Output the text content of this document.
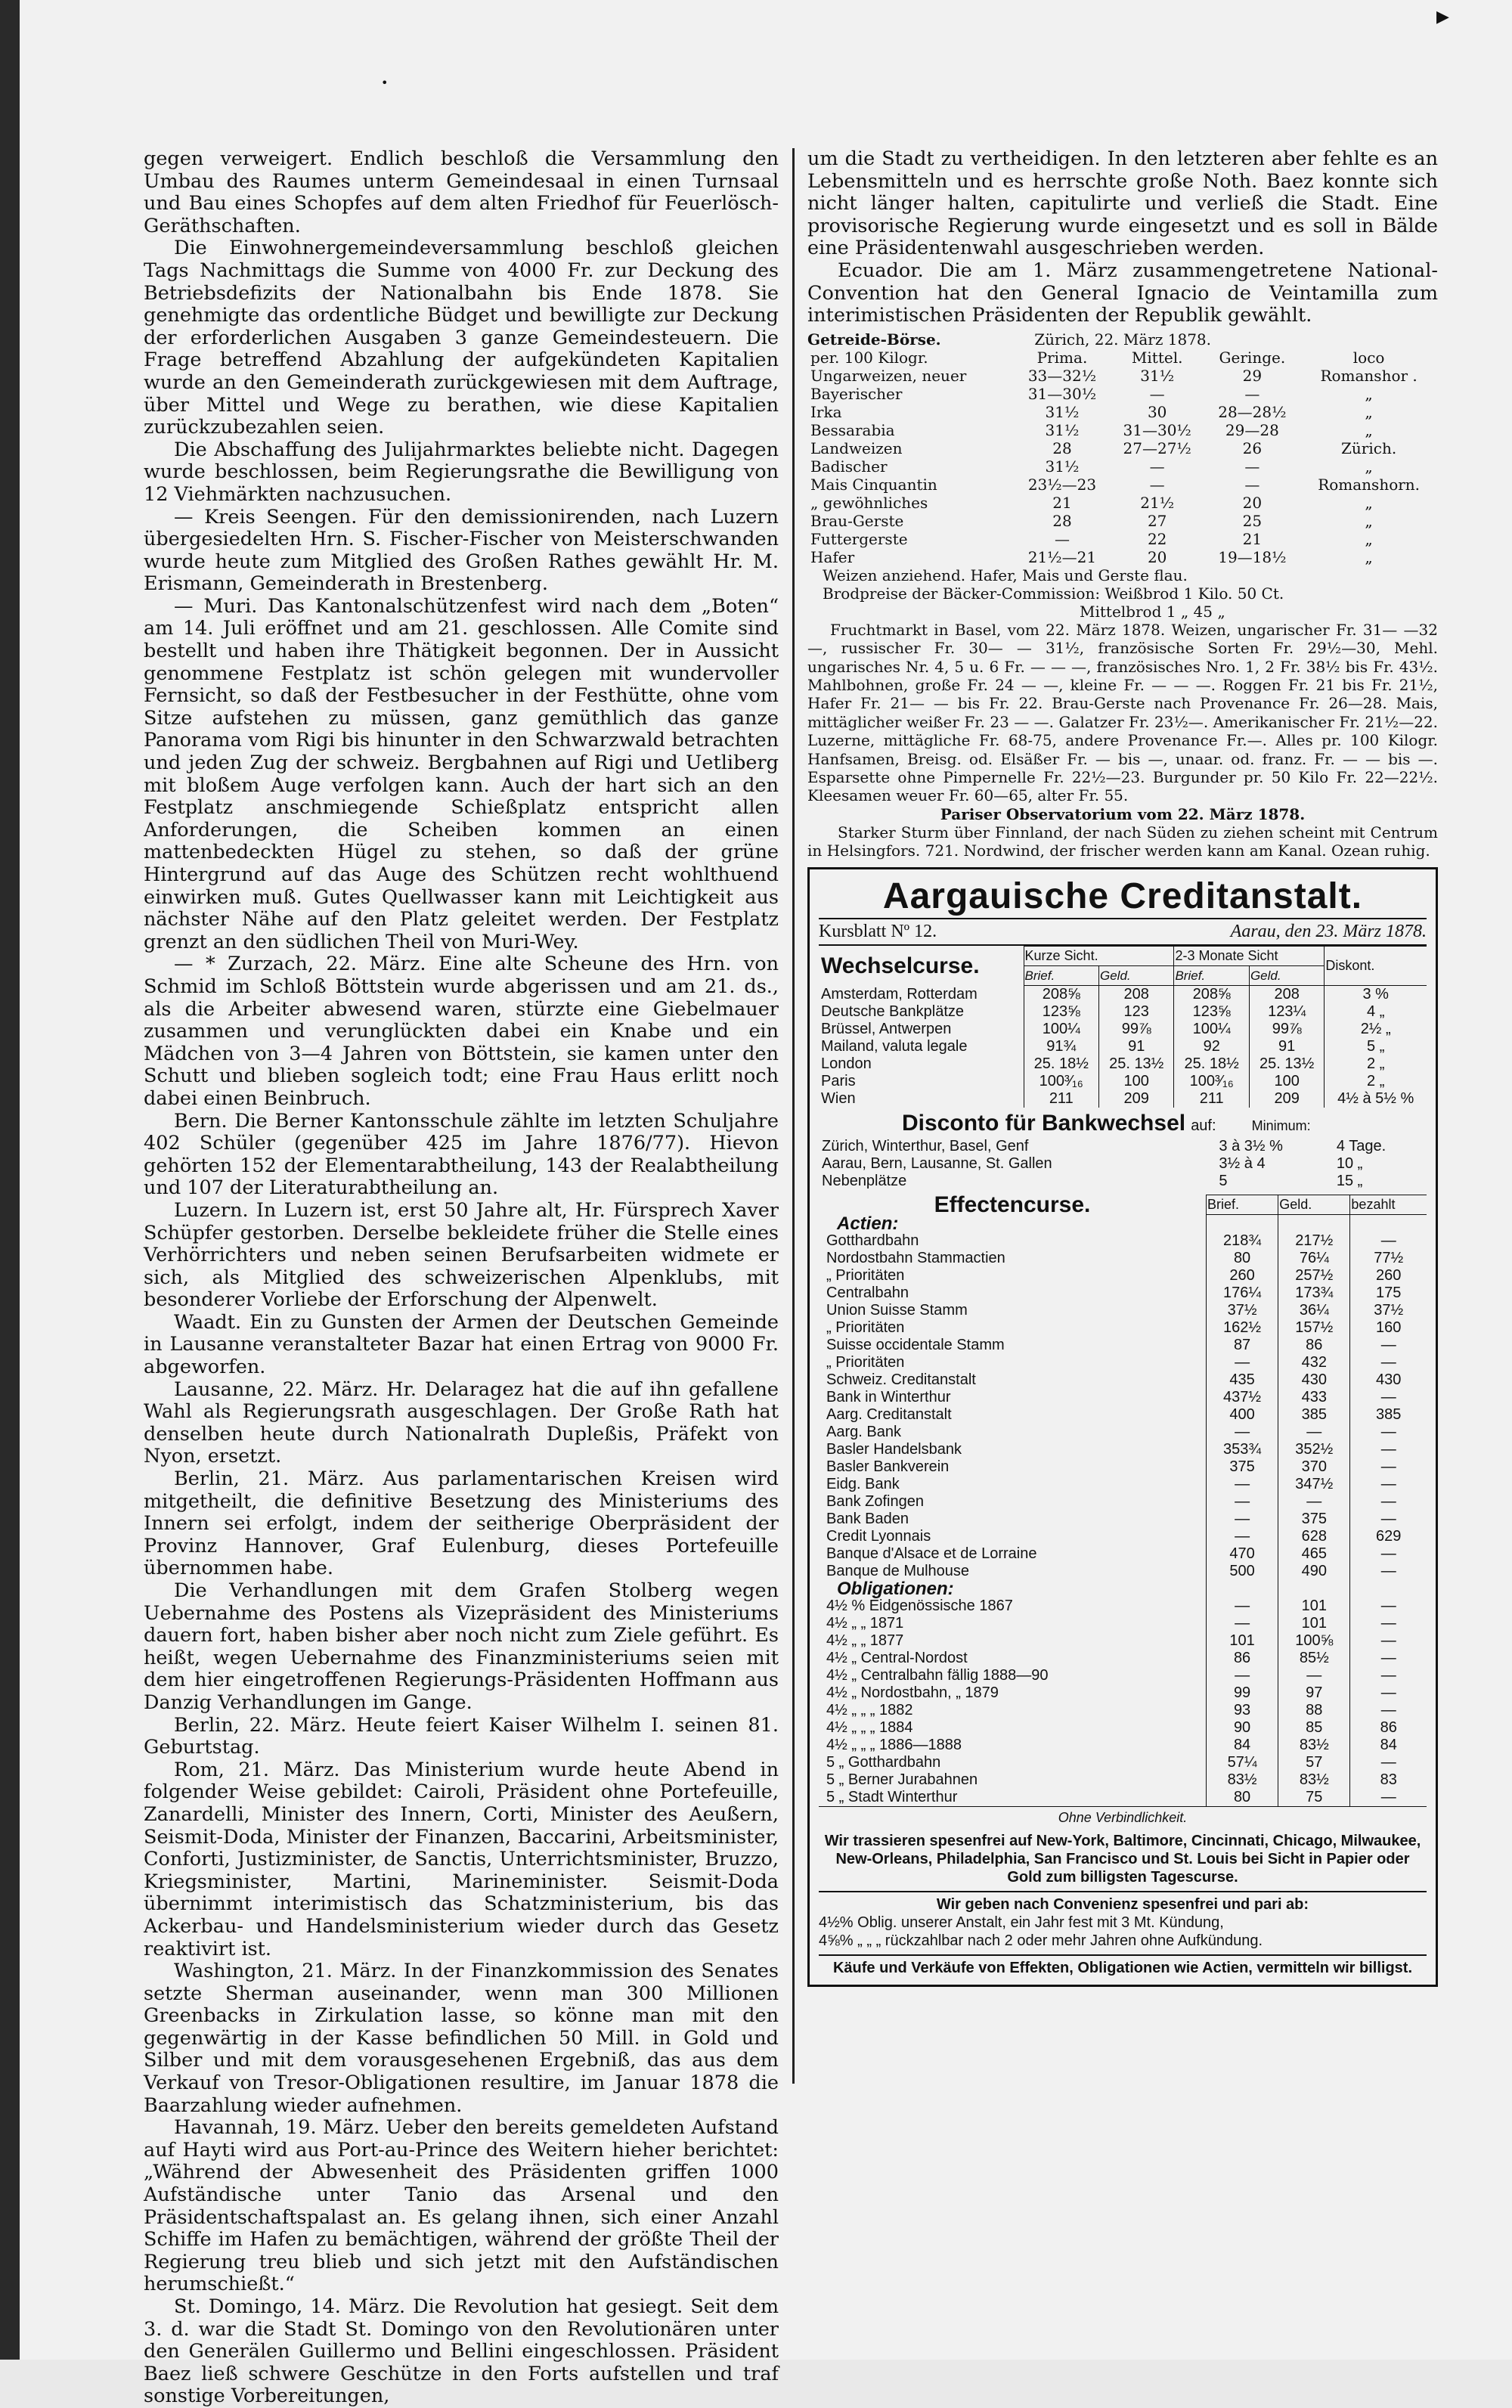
▶
•

gegen verweigert. Endlich beschloß die Versammlung den Umbau des Raumes unterm Gemeindesaal in einen Turnsaal und Bau eines Schopfes auf dem alten Friedhof für Feuerlösch-Geräthschaften.

Die Einwohnergemeindeversammlung beschloß gleichen Tags Nachmittags die Summe von 4000 Fr. zur Deckung des Betriebsdefizits der Nationalbahn bis Ende 1878. Sie genehmigte das ordentliche Büdget und bewilligte zur Deckung der erforderlichen Ausgaben 3 ganze Gemeindesteuern. Die Frage betreffend Abzahlung der aufgekündeten Kapitalien wurde an den Gemeinderath zurückgewiesen mit dem Auftrage, über Mittel und Wege zu berathen, wie diese Kapitalien zurückzubezahlen seien.

Die Abschaffung des Julijahrmarktes beliebte nicht. Dagegen wurde beschlossen, beim Regierungsrathe die Bewilligung von 12 Viehmärkten nachzusuchen.

— Kreis Seengen. Für den demissionirenden, nach Luzern übergesiedelten Hrn. S. Fischer-Fischer von Meisterschwanden wurde heute zum Mitglied des Großen Rathes gewählt Hr. M. Erismann, Gemeinderath in Brestenberg.

— Muri. Das Kantonalschützenfest wird nach dem „Boten“ am 14. Juli eröffnet und am 21. geschlossen. Alle Comite sind bestellt und haben ihre Thätigkeit begonnen. Der in Aussicht genommene Festplatz ist schön gelegen mit wundervoller Fernsicht, so daß der Festbesucher in der Festhütte, ohne vom Sitze aufstehen zu müssen, ganz gemüthlich das ganze Panorama vom Rigi bis hinunter in den Schwarzwald betrachten und jeden Zug der schweiz. Bergbahnen auf Rigi und Uetliberg mit bloßem Auge verfolgen kann. Auch der hart sich an den Festplatz anschmiegende Schießplatz entspricht allen Anforderungen, die Scheiben kommen an einen mattenbedeckten Hügel zu stehen, so daß der grüne Hintergrund auf das Auge des Schützen recht wohlthuend einwirken muß. Gutes Quellwasser kann mit Leichtigkeit aus nächster Nähe auf den Platz geleitet werden. Der Festplatz grenzt an den südlichen Theil von Muri-Wey.

— * Zurzach, 22. März. Eine alte Scheune des Hrn. von Schmid im Schloß Böttstein wurde abgerissen und am 21. ds., als die Arbeiter abwesend waren, stürzte eine Giebelmauer zusammen und verunglückten dabei ein Knabe und ein Mädchen von 3—4 Jahren von Böttstein, sie kamen unter den Schutt und blieben sogleich todt; eine Frau Haus erlitt noch dabei einen Beinbruch.

Bern. Die Berner Kantonsschule zählte im letzten Schuljahre 402 Schüler (gegenüber 425 im Jahre 1876/77). Hievon gehörten 152 der Elementarabtheilung, 143 der Realabtheilung und 107 der Literaturabtheilung an.

Luzern. In Luzern ist, erst 50 Jahre alt, Hr. Fürsprech Xaver Schüpfer gestorben. Derselbe bekleidete früher die Stelle eines Verhörrichters und neben seinen Berufsarbeiten widmete er sich, als Mitglied des schweizerischen Alpenklubs, mit besonderer Vorliebe der Erforschung der Alpenwelt.

Waadt. Ein zu Gunsten der Armen der Deutschen Gemeinde in Lausanne veranstalteter Bazar hat einen Ertrag von 9000 Fr. abgeworfen.

Lausanne, 22. März. Hr. Delaragez hat die auf ihn gefallene Wahl als Regierungsrath ausgeschlagen. Der Große Rath hat denselben heute durch Nationalrath Dupleßis, Präfekt von Nyon, ersetzt.

Berlin, 21. März. Aus parlamentarischen Kreisen wird mitgetheilt, die definitive Besetzung des Ministeriums des Innern sei erfolgt, indem der seitherige Oberpräsident der Provinz Hannover, Graf Eulenburg, dieses Portefeuille übernommen habe.

Die Verhandlungen mit dem Grafen Stolberg wegen Uebernahme des Postens als Vizepräsident des Ministeriums dauern fort, haben bisher aber noch nicht zum Ziele geführt. Es heißt, wegen Uebernahme des Finanzministeriums seien mit dem hier eingetroffenen Regierungs-Präsidenten Hoffmann aus Danzig Verhandlungen im Gange.

Berlin, 22. März. Heute feiert Kaiser Wilhelm I. seinen 81. Geburtstag.

Rom, 21. März. Das Ministerium wurde heute Abend in folgender Weise gebildet: Cairoli, Präsident ohne Portefeuille, Zanardelli, Minister des Innern, Corti, Minister des Aeußern, Seismit-Doda, Minister der Finanzen, Baccarini, Arbeitsminister, Conforti, Justizminister, de Sanctis, Unterrichtsminister, Bruzzo, Kriegsminister, Martini, Marineminister. Seismit-Doda übernimmt interimistisch das Schatzministerium, bis das Ackerbau- und Handelsministerium wieder durch das Gesetz reaktivirt ist.

Washington, 21. März. In der Finanzkommission des Senates setzte Sherman auseinander, wenn man 300 Millionen Greenbacks in Zirkulation lasse, so könne man mit den gegenwärtig in der Kasse befindlichen 50 Mill. in Gold und Silber und mit dem vorausgesehenen Ergebniß, das aus dem Verkauf von Tresor-Obligationen resultire, im Januar 1878 die Baarzahlung wieder aufnehmen.

Havannah, 19. März. Ueber den bereits gemeldeten Aufstand auf Hayti wird aus Port-au-Prince des Weitern hieher berichtet: „Während der Abwesenheit des Präsidenten griffen 1000 Aufständische unter Tanio das Arsenal und den Präsidentschaftspalast an. Es gelang ihnen, sich einer Anzahl Schiffe im Hafen zu bemächtigen, während der größte Theil der Regierung treu blieb und sich jetzt mit den Aufständischen herumschießt.“

St. Domingo, 14. März. Die Revolution hat gesiegt. Seit dem 3. d. war die Stadt St. Domingo von den Revolutionären unter den Generälen Guillermo und Bellini eingeschlossen. Präsident Baez ließ schwere Geschütze in den Forts aufstellen und traf sonstige Vorbereitungen,

um die Stadt zu vertheidigen. In den letzteren aber fehlte es an Lebensmitteln und es herrschte große Noth. Baez konnte sich nicht länger halten, capitulirte und verließ die Stadt. Eine provisorische Regierung wurde eingesetzt und es soll in Bälde eine Präsidentenwahl ausgeschrieben werden.

Ecuador. Die am 1. März zusammengetretene National-Convention hat den General Ignacio de Veintamilla zum interimistischen Präsidenten der Republik gewählt.

Getreide-Börse.	Zürich, 22. März 1878.
per. 100 Kilogr.	Prima.	Mittel.	Geringe.	loco
Ungarweizen, neuer	33—32½	31½	29	Romanshor .
Bayerischer	31—30½	—	—	„
Irka	31½	30	28—28½	„
Bessarabia	31½	31—30½	29—28	„
Landweizen	28	27—27½	26	Zürich.
Badischer	31½	—	—	„
Mais Cinquantin	23½—23	—	—	Romanshorn.
„ gewöhnliches	21	21½	20	„
Brau-Gerste	28	27	25	„
Futtergerste	—	22	21	„
Hafer	21½—21	20	19—18½	„

Weizen anziehend. Hafer, Mais und Gerste flau.

Brodpreise der Bäcker-Commission: Weißbrod 1 Kilo. 50 Ct.

Mittelbrod 1 „ 45 „

Fruchtmarkt in Basel, vom 22. März 1878. Weizen, ungarischer Fr. 31— —32—, russischer Fr. 30— — 31½, französische Sorten Fr. 29½—30, Mehl. ungarisches Nr. 4, 5 u. 6 Fr. — — —, französisches Nro. 1, 2 Fr. 38½ bis Fr. 43½. Mahlbohnen, große Fr. 24 — —, kleine Fr. — — —. Roggen Fr. 21 bis Fr. 21½, Hafer Fr. 21— — bis Fr. 22. Brau-Gerste nach Provenance Fr. 26—28. Mais, mittäglicher weißer Fr. 23 — —. Galatzer Fr. 23½—. Amerikanischer Fr. 21½—22. Luzerne, mittägliche Fr. 68-75, andere Provenance Fr.—. Alles pr. 100 Kilogr. Hanfsamen, Breisg. od. Elsäßer Fr. — bis —, unaar. od. franz. Fr. — — bis —. Esparsette ohne Pimpernelle Fr. 22½—23. Burgunder pr. 50 Kilo Fr. 22—22½. Kleesamen weuer Fr. 60—65, alter Fr. 55.

Pariser Observatorium vom 22. März 1878.

Starker Sturm über Finnland, der nach Süden zu ziehen scheint mit Centrum in Helsingfors. 721. Nordwind, der frischer werden kann am Kanal. Ozean ruhig.

Aargauische Creditanstalt.
Kursblatt Nº 12.	Aarau, den 23. März 1878.
Wechselcurse.	Kurze Sicht.		2-3 Monate Sicht		Diskont.
	Brief.	Geld.	Brief.	Geld.	
Amsterdam, Rotterdam	208⅝	208	208⅝	208	3 %
Deutsche Bankplätze	123⅝	123	123⅝	123¼	4 „
Brüssel, Antwerpen	100¼	99⅞	100¼	99⅞	2½ „
Mailand, valuta legale	91¾	91	92	91	5 „
London	25. 18½	25. 13½	25. 18½	25. 13½	2 „
Paris	100³⁄₁₆	100	100³⁄₁₆	100	2 „
Wien	211	209	211	209	4½ à 5½ %
Disconto für Bankwechsel auf:	Minimum:
Zürich, Winterthur, Basel, Genf	3 à 3½ %	4 Tage.
Aarau, Bern, Lausanne, St. Gallen	3½ à 4	10 „
Nebenplätze	5	15 „
Effectencurse.	Brief.	Geld.	bezahlt
Actien:			
Gotthardbahn	218¾	217½	—
Nordostbahn Stammactien	80	76¼	77½
„ Prioritäten	260	257½	260
Centralbahn	176¼	173¾	175
Union Suisse Stamm	37½	36¼	37½
„ Prioritäten	162½	157½	160
Suisse occidentale Stamm	87	86	—
„ Prioritäten	—	432	—
Schweiz. Creditanstalt	435	430	430
Bank in Winterthur	437½	433	—
Aarg. Creditanstalt	400	385	385
Aarg. Bank	—	—	—
Basler Handelsbank	353¾	352½	—
Basler Bankverein	375	370	—
Eidg. Bank	—	347½	—
Bank Zofingen	—	—	—
Bank Baden	—	375	—
Credit Lyonnais	—	628	629
Banque d'Alsace et de Lorraine	470	465	—
Banque de Mulhouse	500	490	—
Obligationen:			
4½ % Eidgenössische 1867	—	101	—
4½ „ „ 1871	—	101	—
4½ „ „ 1877	101	100⅝	—
4½ „ Central-Nordost	86	85½	—
4½ „ Centralbahn fällig 1888—90	—	—	—
4½ „ Nordostbahn, „ 1879	99	97	—
4½ „ „ „ 1882	93	88	—
4½ „ „ „ 1884	90	85	86
4½ „ „ „ 1886—1888	84	83½	84
5 „ Gotthardbahn	57¼	57	—
5 „ Berner Jurabahnen	83½	83½	83
5 „ Stadt Winterthur	80	75	—
Ohne Verbindlichkeit.
Wir trassieren spesenfrei auf New-York, Baltimore, Cincinnati, Chicago, Milwaukee, New-Orleans, Philadelphia, San Francisco und St. Louis bei Sicht in Papier oder Gold zum billigsten Tagescurse.
Wir geben nach Convenienz spesenfrei und pari ab:
4½% Oblig. unserer Anstalt, ein Jahr fest mit 3 Mt. Kündung,
4⅝% „ „ „ rückzahlbar nach 2 oder mehr Jahren ohne Aufkündung.
Käufe und Verkäufe von Effekten, Obligationen wie Actien, vermitteln wir billigst.
